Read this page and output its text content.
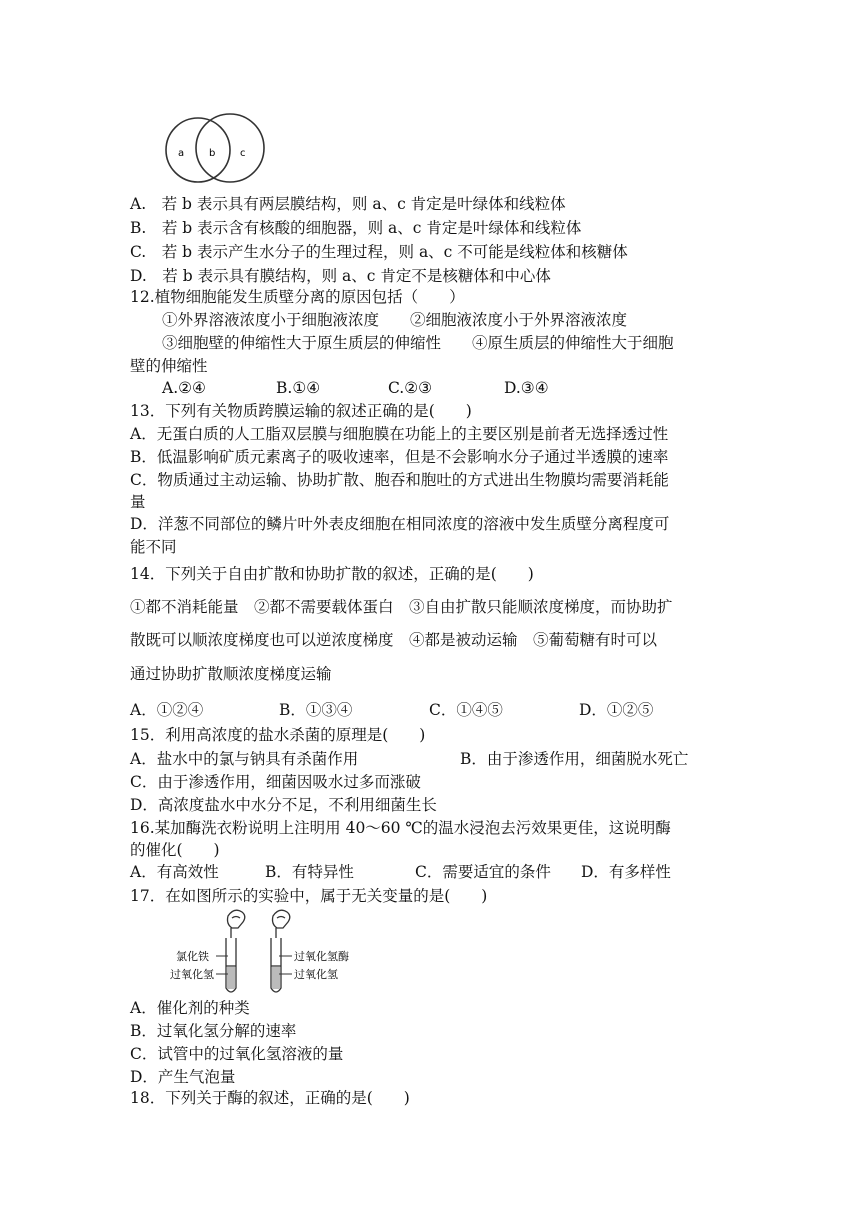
a b c
A.　若 b 表示具有两层膜结构，则 a、c 肯定是叶绿体和线粒体
B.　若 b 表示含有核酸的细胞器，则 a、c 肯定是叶绿体和线粒体
C.　若 b 表示产生水分子的生理过程，则 a、c 不可能是线粒体和核糖体
D.　若 b 表示具有膜结构，则 a、c 肯定不是核糖体和中心体
12.植物细胞能发生质壁分离的原因包括（　　）
①外界溶液浓度小于细胞液浓度　　②细胞液浓度小于外界溶液浓度
③细胞壁的伸缩性大于原生质层的伸缩性　　④原生质层的伸缩性大于细胞
壁的伸缩性
A.②④	B.①④	C.②③	D.③④
13．下列有关物质跨膜运输的叙述正确的是(　　)
A．无蛋白质的人工脂双层膜与细胞膜在功能上的主要区别是前者无选择透过性
B．低温影响矿质元素离子的吸收速率，但是不会影响水分子通过半透膜的速率
C．物质通过主动运输、协助扩散、胞吞和胞吐的方式进出生物膜均需要消耗能
量
D．洋葱不同部位的鳞片叶外表皮细胞在相同浓度的溶液中发生质壁分离程度可
能不同
14．下列关于自由扩散和协助扩散的叙述，正确的是(　　)
①都不消耗能量　②都不需要载体蛋白　③自由扩散只能顺浓度梯度，而协助扩
散既可以顺浓度梯度也可以逆浓度梯度　④都是被动运输　⑤葡萄糖有时可以
通过协助扩散顺浓度梯度运输
A．①②④	B．①③④	C．①④⑤	D．①②⑤
15．利用高浓度的盐水杀菌的原理是(　　)
A．盐水中的氯与钠具有杀菌作用	B．由于渗透作用，细菌脱水死亡
C．由于渗透作用，细菌因吸水过多而涨破
D．高浓度盐水中水分不足，不利用细菌生长
16.某加酶洗衣粉说明上注明用 40～60 ℃的温水浸泡去污效果更佳，这说明酶
的催化(　　)
A．有高效性	B．有特异性	C．需要适宜的条件 D．有多样性
17．在如图所示的实验中，属于无关变量的是(　　)
氯化铁
过氧化氢
过氧化氢酶
过氧化氢
A．催化剂的种类
B．过氧化氢分解的速率
C．试管中的过氧化氢溶液的量
D．产生气泡量
18．下列关于酶的叙述，正确的是(　　)
